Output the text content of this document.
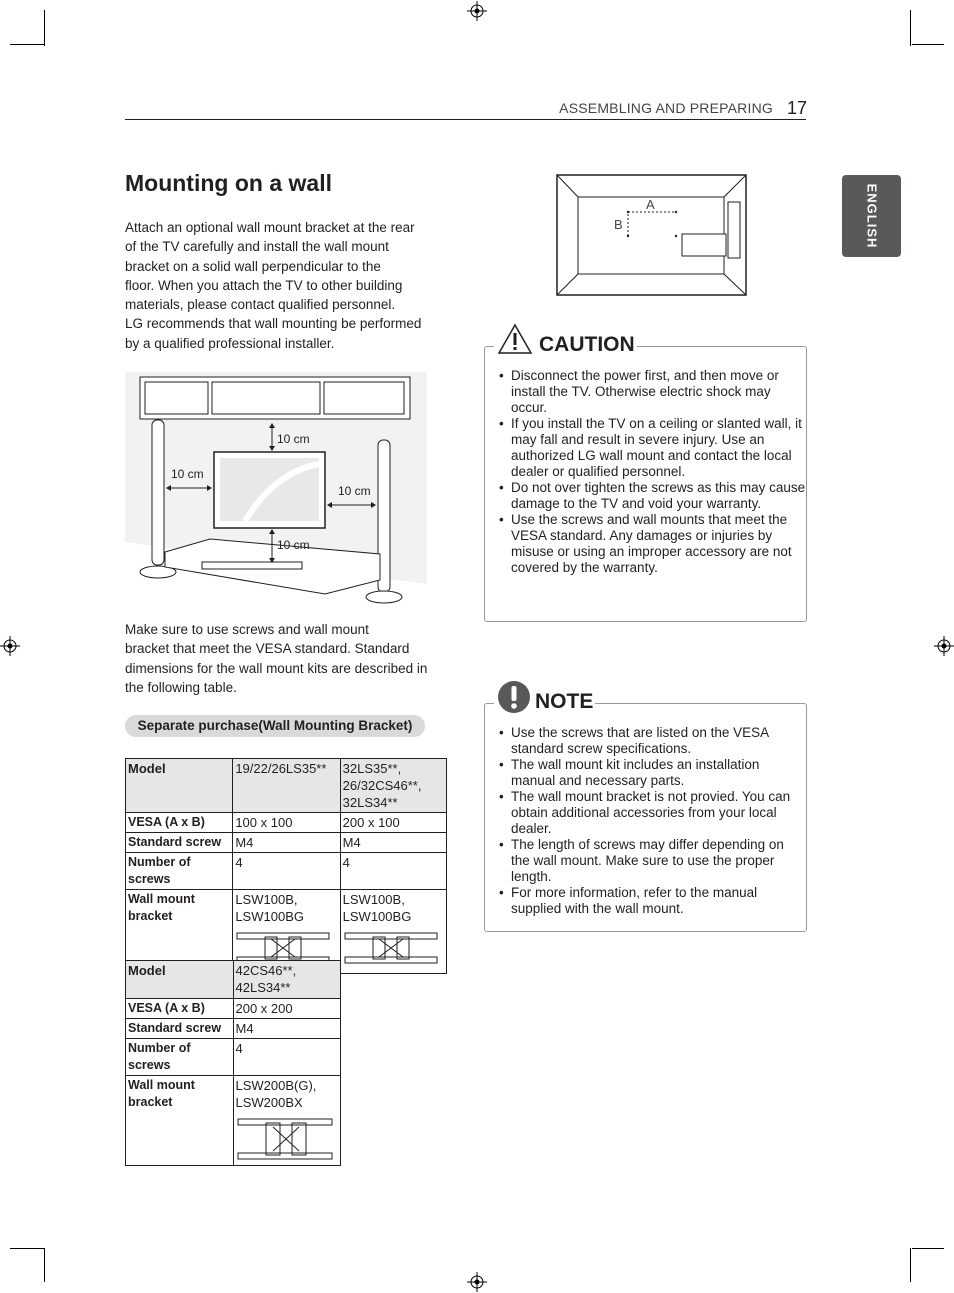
ASSEMBLING AND PREPARING 17
ENGLISH
Mounting on a wall
Attach an optional wall mount bracket at the rear
of the TV carefully and install the wall mount
bracket on a solid wall perpendicular to the
floor. When you attach the TV to other building
materials, please contact qualified personnel.
LG recommends that wall mounting be performed
by a qualified professional installer.
10 cm
10 cm
10 cm
10 cm
Make sure to use screws and wall mount
bracket that meet the VESA standard. Standard
dimensions for the wall mount kits are described in
the following table.
Separate purchase(Wall Mounting Bracket)
Model	19/22/26LS35**	32LS35**, 26/32CS46**, 32LS34**
VESA (A x B)	100 x 100	200 x 100
Standard screw	M4	M4
Number of screws	4	4
Wall mount bracket	LSW100B, LSW100BG	LSW100B, LSW100BG
Model	42CS46**, 42LS34**
VESA (A x B)	200 x 200
Standard screw	M4
Number of screws	4
Wall mount bracket	LSW200B(G), LSW200BX
A
B
• Disconnect the power first, and then move or install the TV. Otherwise electric shock may occur.
• If you install the TV on a ceiling or slanted wall, it may fall and result in severe injury. Use an authorized LG wall mount and contact the local dealer or qualified personnel.
• Do not over tighten the screws as this may cause damage to the TV and void your warranty.
• Use the screws and wall mounts that meet the VESA standard. Any damages or injuries by misuse or using an improper accessory are not covered by the warranty.
CAUTION
• Use the screws that are listed on the VESA standard screw specifications.
• The wall mount kit includes an installation manual and necessary parts.
• The wall mount bracket is not provied. You can obtain additional accessories from your local dealer.
• The length of screws may differ depending on the wall mount. Make sure to use the proper length.
• For more information, refer to the manual supplied with the wall mount.
NOTE
